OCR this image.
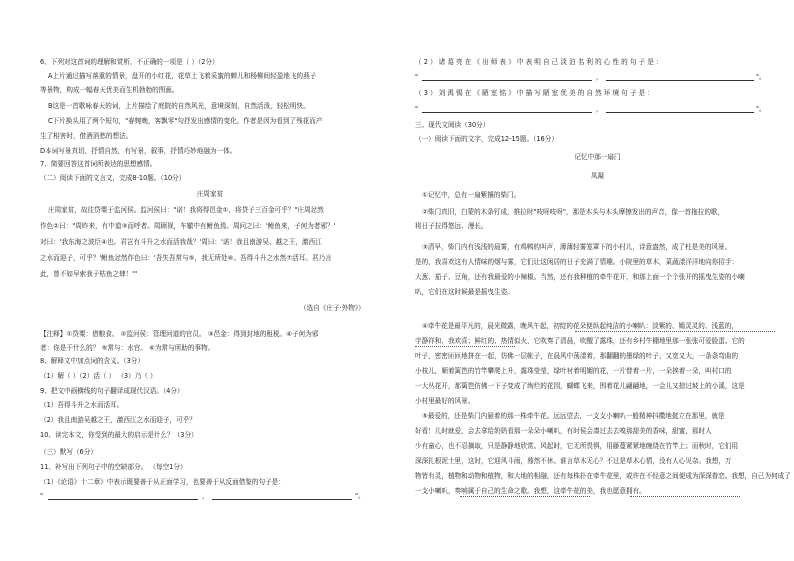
6、下列对这首词的理解和赏析，不正确的一项是（ ）（2分）
A上片通过描写落重的情景，盘开的小红花，花草上飞着采蜜的蝉儿和杨柳间轻盈地飞的燕子
等景物，构成一幅春天优美而生机勃勃的图画。
B这是一首歌咏春天的词，上片描绘了庭院的自然风光，意境深刻，自然活泼，轻松明快。
C下片换头用了两个短句，"春婉晚，客飘零"句抒发出感情的变化，作者是因为看到了残花而产
生了相害时，借酒消愁的想法。
D本词写景真切，抒情自然，有写景，叙事，抒情巧妙地融为一体。
7、简要回答这首词所表达的思想感情。
（二）阅读下面的文言文，完成8-10题。（10分）
庄周家贫
庄周家贫，故往贷粟于监河侯。监河侯曰："诺！我将得邑金①，将贷子三百金可乎？"庄周忿然
作色②曰："周昨来，有中道③而呼者。周顾视，车辙中有鲋鱼焉。周问之曰：'鲋鱼来，子何为者邪？'
对曰：'我东海之波臣④也。君岂有斗升之水而活我哉？'周曰：'诺！我且南游吴、越之王，激西江
之水而迎子，可乎？'鲋鱼忿然作色曰：'吾失吾常与⑤，我无所处⑥。吾得斗升之水然⑦活耳。君乃言
此，曾不如早索我于枯鱼之肆！'"
（选自《庄子·外物》）
【注释】①贷粟：借粮食。 ②监河侯：管理河道的官员。 ③邑金：得到封地的租税。④子何为邪
者：你是干什么的？ ⑤常与：水官。 ⑥为常与所助的事物。
8、解释文中加点词的含义。（3分）
（1）解（ ）（2）活（ ） （3）乃（ ）
9、把文中画横线的句子翻译成现代汉语。（4分）
（1）吾得斗升之水而活耳。
（2）我且南游吴越之王，激西江之水而迎子，可乎？
10、读完本文，你受到的最大的启示是什么？（3分）
（三）默写（6分）
11、补写出下列句子中的空缺部分。 （每空1分）
（1）《论语》十二章》中表示既要善于从正面学习，也要善于从反面借鉴的句子是：
"	，	"。
（ 2 ） 诸 葛 亮 在 《 出 师 表 》 中 表 明 自 己 淡 泊 名 利 的 心 性 的 句 子 是 ：
"	，	"。
（ 3 ） 刘 禹 锡 在 《 陋 室 铭 》 中 描 写 陋 室 优 美 的 自 然 环 境 句 子 是 ：
"	，	"。
三、现代文阅读（30分）
（一）阅读下面的文字，完成12-15题。（16分）
记忆中那一扇门
凤凝
①记忆中，总有一扇紫攘的柴门。
②柴门真旧，白蒙的木条钉成，推拉时"吱呀吱呀"，那是木头与木头摩擦发出的声音，像一首拖拉的歌，
将日子拉得悠远、漫长。
③清早，柴门内有浅浅的晨雾，有鸡鸭的叫声，薄薄轻雾笼罩下的小村儿，诗意盎然，成了柱是美的风景。
是的，我喜欢这有人情味的烟与雾，它们让这闲居的日子充满了情趣。小院里的草木，菜蔬漾洋洋地向你招手：
大葱、茄子、豆角，还有我最爱的小辣椒。当然，还有我种植的牵牛花开，和那上面一个个张开的摇曳生姿的小喇
叭，它们在这时候最是摇曳生姿。
④牵牛花是最平凡的，晨光微露，晚风午起，初绽的花朵便纵起纯洁的小喇叭：淡紫的、嫣灵灵的、浅蓝的，
宇静祥和，我欢喜；鲜红的、热情似火，它吹奏了清晨，吹醒了露珠，还有乡村牛棚地里那一张张可爱脸蛋。它的
叶子，密密匝匝地挤在一起，仿佛一层帐子，在晨风中荡漾着，那翻翻的墨绿的叶子，又宽又大，一条条弯曲的
小枝儿，顺着篱笆的竹竿攀爬上升，露珠莹莹，绿叶衬着明媚的花，一片替着一片，一朵挨着一朵，叫村口的
一大丛花开，那篱笆仿佛一下子变成了绚烂的花园，蝴蝶飞来，围着花儿翩翩地，一会儿又掠过坡上的小溪，这是
小村里最好的风景。
⑤最爱的，还是柴门内悬着的那一株牵牛花。远远望去，一支支小喇叭一般精神抖擞地挺立在那里，就是
好看！儿时就爱，会去拿给奶奶看那一朵朵小喇叭，有时侯会凑过去去嗅那甜美的香味，甜蜜，那时人
少有童心，也不忍摘取，只是静静地欣赏。风起时，它无所畏惧，用藤蔓紧紧地缠绕在竹竿上；而秋时，它们用
深深扎根泥土里，这时，它迎风斗雨，蓦然不休。谁言草木无心？不过是草木心情，没有人心见杂。我想，万
物皆有灵，植物和动物和植物，和大地的相融，还有每株扑在牵牛花里，或许在不经意之间便成为深深眷恋。我想，自己为何成了
一支小喇叭，奏响属于自己的生命之歌。我想，这牵牛花的美，我也愿意拥有。
